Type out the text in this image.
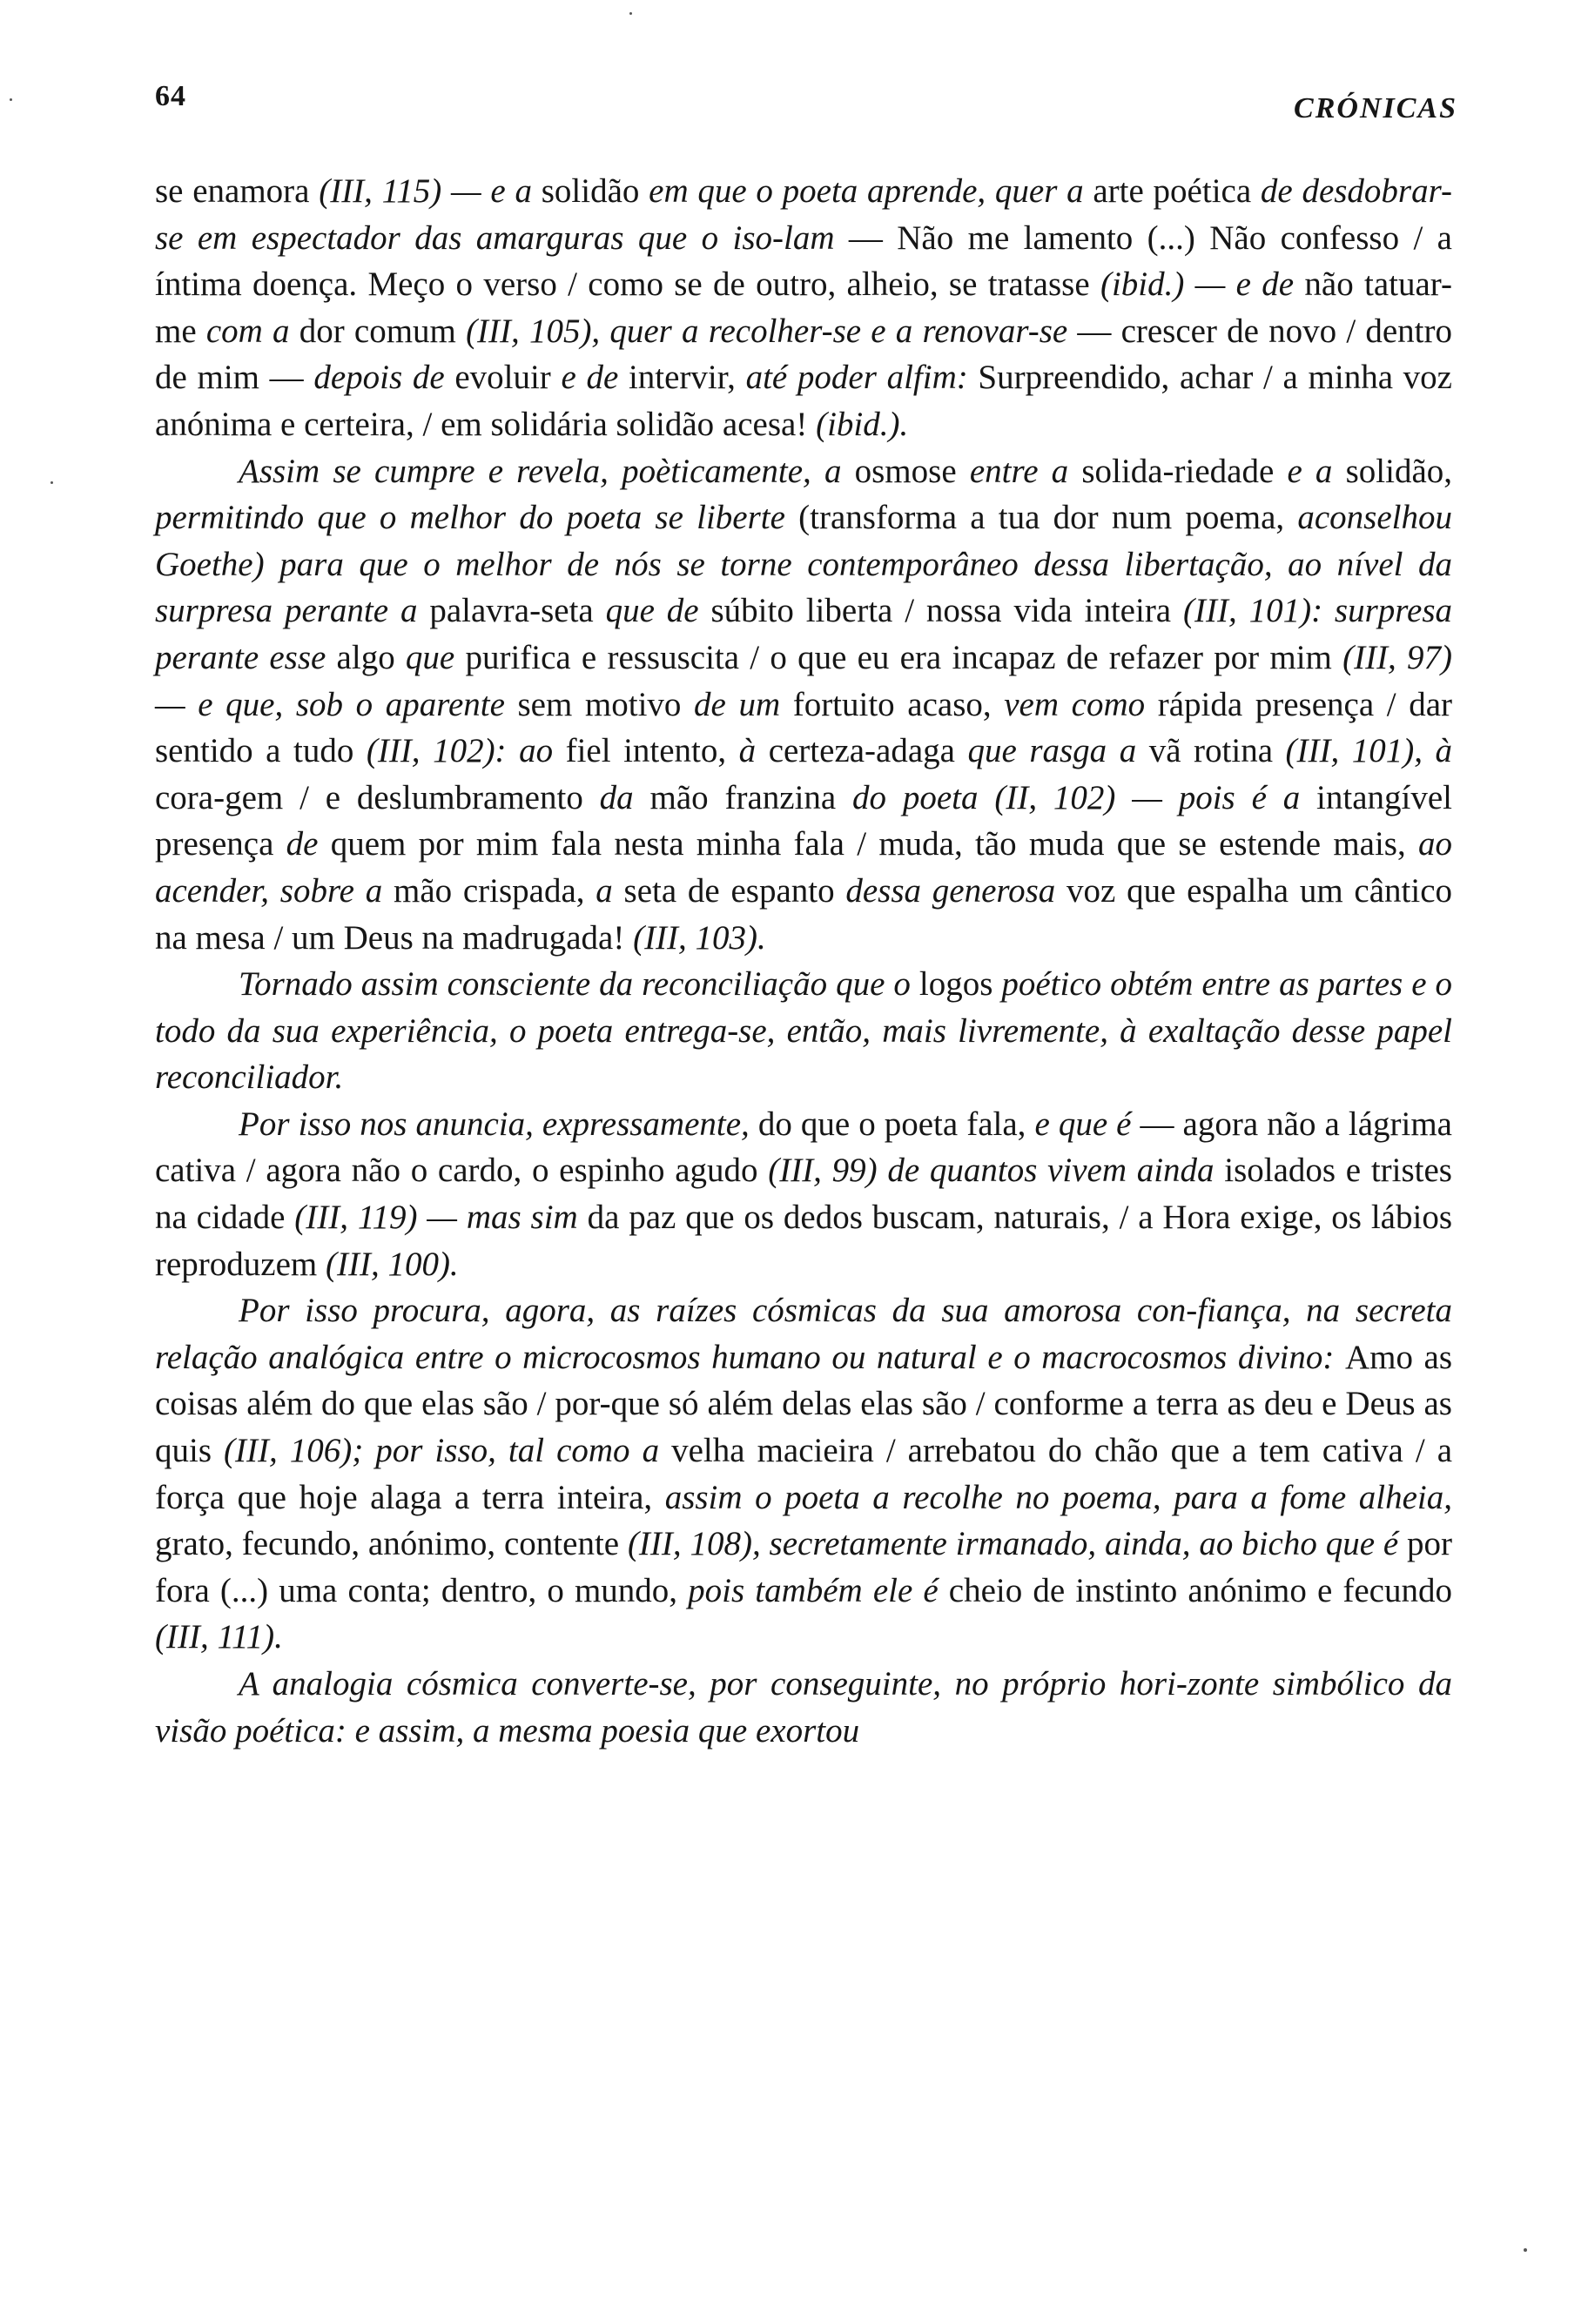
64	CRÓNICAS

se enamora (III, 115) — e a solidão em que o poeta aprende, quer a arte poética de desdobrar-se em espectador das amarguras que o iso-lam — Não me lamento (...) Não confesso / a íntima doença. Meço o verso / como se de outro, alheio, se tratasse (ibid.) — e de não tatuar-me com a dor comum (III, 105), quer a recolher-se e a renovar-se — crescer de novo / dentro de mim — depois de evoluir e de intervir, até poder alfim: Surpreendido, achar / a minha voz anónima e certeira, / em solidária solidão acesa! (ibid.).

Assim se cumpre e revela, poèticamente, a osmose entre a solida-riedade e a solidão, permitindo que o melhor do poeta se liberte (transforma a tua dor num poema, aconselhou Goethe) para que o melhor de nós se torne contemporâneo dessa libertação, ao nível da surpresa perante a palavra-seta que de súbito liberta / nossa vida inteira (III, 101): surpresa perante esse algo que purifica e ressuscita / o que eu era incapaz de refazer por mim (III, 97) — e que, sob o aparente sem motivo de um fortuito acaso, vem como rápida presença / dar sentido a tudo (III, 102): ao fiel intento, à certeza-adaga que rasga a vã rotina (III, 101), à cora-gem / e deslumbramento da mão franzina do poeta (II, 102) — pois é a intangível presença de quem por mim fala nesta minha fala / muda, tão muda que se estende mais, ao acender, sobre a mão crispada, a seta de espanto dessa generosa voz que espalha um cântico na mesa / um Deus na madrugada! (III, 103).

Tornado assim consciente da reconciliação que o logos poético obtém entre as partes e o todo da sua experiência, o poeta entrega-se, então, mais livremente, à exaltação desse papel reconciliador.

Por isso nos anuncia, expressamente, do que o poeta fala, e que é — agora não a lágrima cativa / agora não o cardo, o espinho agudo (III, 99) de quantos vivem ainda isolados e tristes na cidade (III, 119) — mas sim da paz que os dedos buscam, naturais, / a Hora exige, os lábios reproduzem (III, 100).

Por isso procura, agora, as raízes cósmicas da sua amorosa con-fiança, na secreta relação analógica entre o microcosmos humano ou natural e o macrocosmos divino: Amo as coisas além do que elas são / por-que só além delas elas são / conforme a terra as deu e Deus as quis (III, 106); por isso, tal como a velha macieira / arrebatou do chão que a tem cativa / a força que hoje alaga a terra inteira, assim o poeta a recolhe no poema, para a fome alheia, grato, fecundo, anónimo, contente (III, 108), secretamente irmanado, ainda, ao bicho que é por fora (...) uma conta; dentro, o mundo, pois também ele é cheio de instinto anónimo e fecundo (III, 111).

A analogia cósmica converte-se, por conseguinte, no próprio hori-zonte simbólico da visão poética: e assim, a mesma poesia que exortou
